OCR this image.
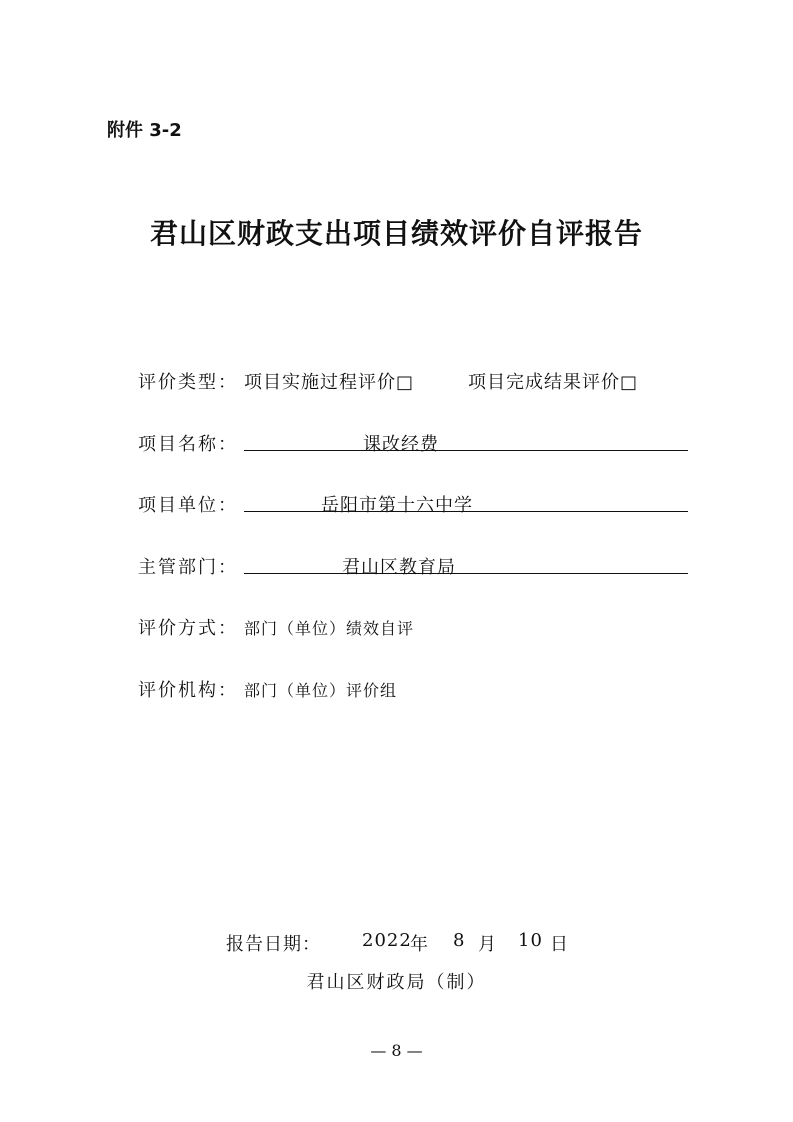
附件 3-2
君山区财政支出项目绩效评价自评报告
评价类型： 项目实施过程评价□	项目完成结果评价□
项目名称：	课改经费
项目单位：	岳阳市第十六中学
主管部门：	君山区教育局
评价方式： 部门（单位）绩效自评
评价机构： 部门（单位）评价组
报告日期： 2022
年 8 月 10 日
君山区财政局（制）
— 8 —
